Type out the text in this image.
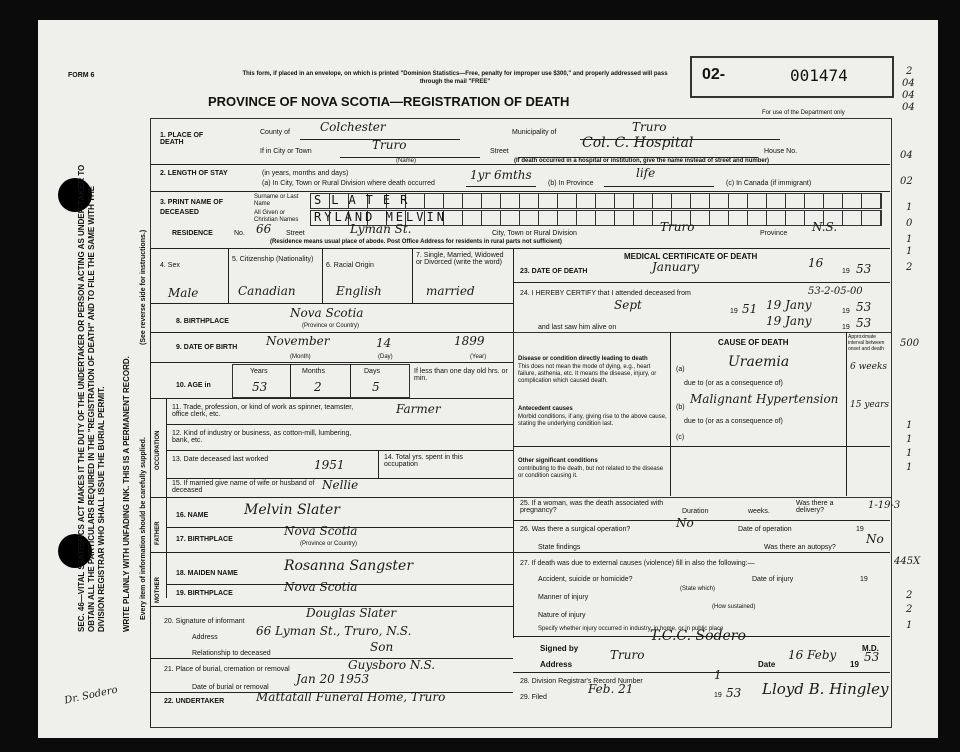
SEC. 46—VITAL STATISTICS ACT MAKES IT THE DUTY OF THE UNDERTAKER OR PERSON ACTING AS UNDER-TAKER TO OBTAIN ALL THE PARTICULARS REQUIRED IN THE "REGISTRATION OF DEATH" AND TO FILE THE SAME WITH THE DIVISION REGISTRAR WHO SHALL ISSUE THE BURIAL PERMIT. WRITE PLAINLY WITH UNFADING INK. THIS IS A PERMANENT RECORD. Every item of information should be carefully supplied.
(See reverse side for instructions.)
FORM 6	This form, if placed in an envelope, on which is printed "Dominion Statistics—Free, penalty for improper use $300," and properly addressed will pass through the mail "FREE"
PROVINCE OF NOVA SCOTIA—REGISTRATION OF DEATH
02-	001474
For use of the Department only
1. PLACE OF DEATH
County of	Colchester	Municipality of	Truro
If in City or Town	Truro
(Name)
Street
Col. C. Hospital
House No.
(If death occurred in a hospital or institution, give the name instead of street and number)
2. LENGTH OF STAY	(in years, months and days)
(a) In City, Town or Rural Division where death occurred
1yr 6mths
(b) In Province
life
(c) In Canada (if immigrant)
3. PRINT NAME OF DECEASED
Surname or Last Name	SLATER
All Given or Christian Names	RYLAND MELVIN
RESIDENCE	No. 66 Street	Lyman St.	City, Town or Rural Division	Truro	Province N.S.
(Residence means usual place of abode. Post Office Address for residents in rural parts not sufficient)
4. Sex
5. Citizenship (Nationality)
6. Racial Origin
7. Single, Married, Widowed or Divorced (write the word)
Male	Canadian	English	married
8. BIRTHPLACE
Nova Scotia
(Province or Country)
9. DATE OF BIRTH November	14	1899
(Month)	(Day)	(Year)
10. AGE in
Years	Months	Days
53	2	5
If less than one day old hrs. or min.
OCCUPATION
11. Trade, profession, or kind of work as spinner, teamster, office clerk, etc.	Farmer
12. Kind of industry or business, as cotton-mill, lumbering, bank, etc.
13. Date deceased last worked	1951
14. Total yrs. spent in this occupation
15. If married give name of wife or husband of deceased	Nellie
FATHER
16. NAME	Melvin Slater
17. BIRTHPLACE
Nova Scotia
(Province or Country)
MOTHER
18. MAIDEN NAME	Rosanna Sangster
19. BIRTHPLACE	Nova Scotia
20. Signature of informant
Douglas Slater
Address	66 Lyman St., Truro, N.S.
Relationship to deceased	Son
21. Place of burial, cremation or removal	Guysboro N.S.
Date of burial or removal
Jan 20 1953
22. UNDERTAKER	Mattatall Funeral Home, Truro
MEDICAL CERTIFICATE OF DEATH
23. DATE OF DEATH	January	16
19 53
24. I HEREBY CERTIFY that I attended deceased from
Sept	19 51 19 Jany
53-2-05-00
19 53
and last saw him alive on	19 Jany	19 53
CAUSE OF DEATH
Approximate interval between onset and death
Disease or condition directly leading to death
This does not mean the mode of dying, e.g., heart failure, asthenia, etc. It means the disease, injury, or complication which caused death.
(a)	Uraemia	6 weeks
due to (or as a consequence of)
Antecedent causes
Morbid conditions, if any, giving rise to the above cause, stating the underlying condition last.
(b)
Malignant Hypertension 15 years
due to (or as a consequence of)
(c)
Other significant conditions
contributing to the death, but not related to the disease or condition causing it.
25. If a woman, was the death associated with pregnancy?	Duration	weeks.
Was there a delivery?
26. Was there a surgical operation?	No	Date of operation	19
State findings	Was there an autopsy?
No
27. If death was due to external causes (violence) fill in also the following:—
Accident, suicide or homicide?
(State which)
Date of injury	19
Manner of injury
(How sustained)
Nature of injury
Specify whether injury occurred in industry, in home, or in public place
Signed by
T.C.C. Sodero
M.D.
Address
Truro
Date
16 Feby
19
53
28. Division Registrar's Record Number	1
29. Filed
Feb. 21	19 53 Lloyd B. Hingley
Dr. Sodero
2
04
04
04
04
02
1
0
1
1
2
500
1
1
1
1
1-19-3
445X
2
2
1
